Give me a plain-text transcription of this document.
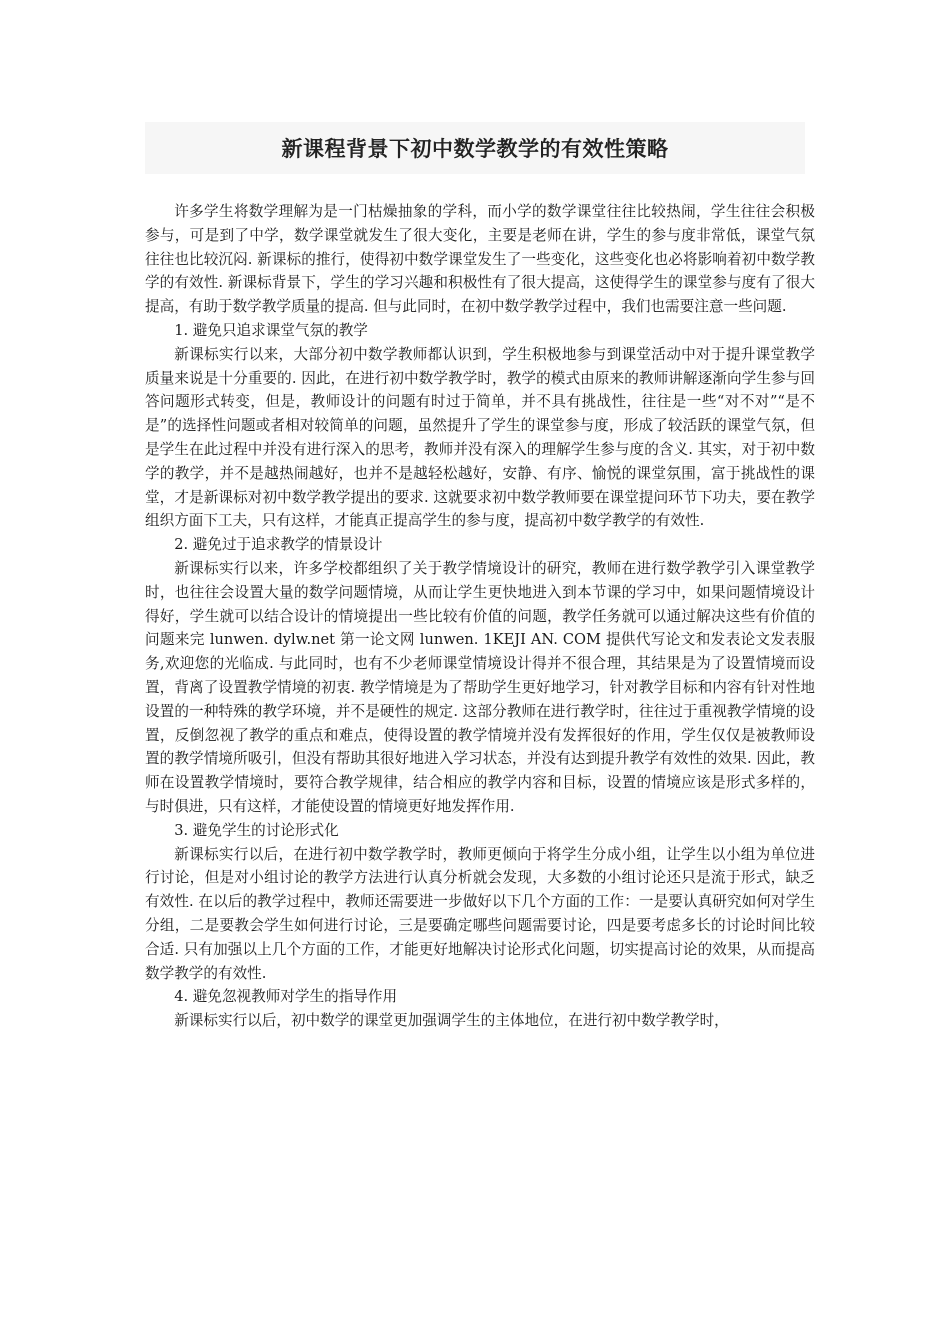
新课程背景下初中数学教学的有效性策略

许多学生将数学理解为是一门枯燥抽象的学科，而小学的数学课堂往往比较热闹，学生往往会积极参与，可是到了中学，数学课堂就发生了很大变化，主要是老师在讲，学生的参与度非常低，课堂气氛往往也比较沉闷. 新课标的推行，使得初中数学课堂发生了一些变化，这些变化也必将影响着初中数学教学的有效性. 新课标背景下，学生的学习兴趣和积极性有了很大提高，这使得学生的课堂参与度有了很大提高，有助于数学教学质量的提高. 但与此同时，在初中数学教学过程中，我们也需要注意一些问题.

1. 避免只追求课堂气氛的教学

新课标实行以来，大部分初中数学教师都认识到，学生积极地参与到课堂活动中对于提升课堂教学质量来说是十分重要的. 因此，在进行初中数学教学时，教学的模式由原来的教师讲解逐渐向学生参与回答问题形式转变，但是，教师设计的问题有时过于简单，并不具有挑战性，往往是一些“对不对”“是不是”的选择性问题或者相对较简单的问题，虽然提升了学生的课堂参与度，形成了较活跃的课堂气氛，但是学生在此过程中并没有进行深入的思考，教师并没有深入的理解学生参与度的含义. 其实，对于初中数学的教学，并不是越热闹越好，也并不是越轻松越好，安静、有序、愉悦的课堂氛围，富于挑战性的课堂，才是新课标对初中数学教学提出的要求. 这就要求初中数学教师要在课堂提问环节下功夫，要在教学组织方面下工夫，只有这样，才能真正提高学生的参与度，提高初中数学教学的有效性.

2. 避免过于追求教学的情景设计

新课标实行以来，许多学校都组织了关于教学情境设计的研究，教师在进行数学教学引入课堂教学时，也往往会设置大量的数学问题情境，从而让学生更快地进入到本节课的学习中，如果问题情境设计得好，学生就可以结合设计的情境提出一些比较有价值的问题，教学任务就可以通过解决这些有价值的问题来完 lunwen. dylw.net 第一论文网 lunwen. 1KEJI AN. COM 提供代写论文和发表论文发表服务,欢迎您的光临成. 与此同时，也有不少老师课堂情境设计得并不很合理，其结果是为了设置情境而设置，背离了设置教学情境的初衷. 教学情境是为了帮助学生更好地学习，针对教学目标和内容有针对性地设置的一种特殊的教学环境，并不是硬性的规定. 这部分教师在进行教学时，往往过于重视教学情境的设置，反倒忽视了教学的重点和难点，使得设置的教学情境并没有发挥很好的作用，学生仅仅是被教师设置的教学情境所吸引，但没有帮助其很好地进入学习状态，并没有达到提升教学有效性的效果. 因此，教师在设置教学情境时，要符合教学规律，结合相应的教学内容和目标，设置的情境应该是形式多样的，与时俱进，只有这样，才能使设置的情境更好地发挥作用.

3. 避免学生的讨论形式化

新课标实行以后，在进行初中数学教学时，教师更倾向于将学生分成小组，让学生以小组为单位进行讨论，但是对小组讨论的教学方法进行认真分析就会发现，大多数的小组讨论还只是流于形式，缺乏有效性. 在以后的教学过程中，教师还需要进一步做好以下几个方面的工作：一是要认真研究如何对学生分组，二是要教会学生如何进行讨论，三是要确定哪些问题需要讨论，四是要考虑多长的讨论时间比较合适. 只有加强以上几个方面的工作，才能更好地解决讨论形式化问题，切实提高讨论的效果，从而提高数学教学的有效性.

4. 避免忽视教师对学生的指导作用

新课标实行以后，初中数学的课堂更加强调学生的主体地位，在进行初中数学教学时，
